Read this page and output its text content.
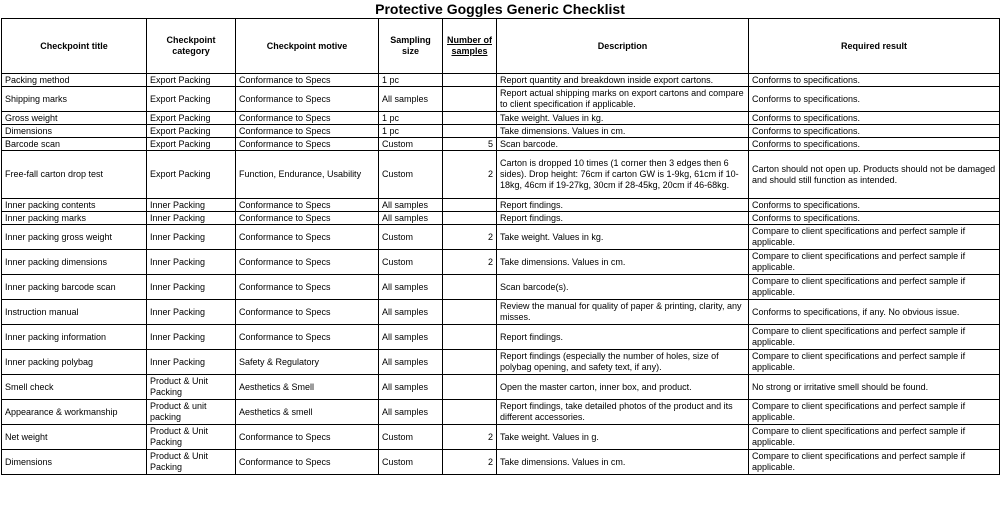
Protective Goggles Generic Checklist
Checkpoint title	Checkpoint category	Checkpoint motive	Sampling size	Number of samples	Description	Required result
Packing method	Export Packing	Conformance to Specs	1 pc		Report quantity and breakdown inside export cartons.	Conforms to specifications.
Shipping marks	Export Packing	Conformance to Specs	All samples		Report actual shipping marks on export cartons and compare to client specification if applicable.	Conforms to specifications.
Gross weight	Export Packing	Conformance to Specs	1 pc		Take weight. Values in kg.	Conforms to specifications.
Dimensions	Export Packing	Conformance to Specs	1 pc		Take dimensions. Values in cm.	Conforms to specifications.
Barcode scan	Export Packing	Conformance to Specs	Custom	5	Scan barcode.	Conforms to specifications.
Free-fall carton drop test	Export Packing	Function, Endurance, Usability	Custom	2	Carton is dropped 10 times (1 corner then 3 edges then 6 sides). Drop height: 76cm if carton GW is 1-9kg, 61cm if 10-18kg, 46cm if 19-27kg, 30cm if 28-45kg, 20cm if 46-68kg.	Carton should not open up. Products should not be damaged and should still function as intended.
Inner packing contents	Inner Packing	Conformance to Specs	All samples		Report findings.	Conforms to specifications.
Inner packing marks	Inner Packing	Conformance to Specs	All samples		Report findings.	Conforms to specifications.
Inner packing gross weight	Inner Packing	Conformance to Specs	Custom	2	Take weight. Values in kg.	Compare to client specifications and perfect sample if applicable.
Inner packing dimensions	Inner Packing	Conformance to Specs	Custom	2	Take dimensions. Values in cm.	Compare to client specifications and perfect sample if applicable.
Inner packing barcode scan	Inner Packing	Conformance to Specs	All samples		Scan barcode(s).	Compare to client specifications and perfect sample if applicable.
Instruction manual	Inner Packing	Conformance to Specs	All samples		Review the manual for quality of paper & printing, clarity, any misses.	Conforms to specifications, if any. No obvious issue.
Inner packing information	Inner Packing	Conformance to Specs	All samples		Report findings.	Compare to client specifications and perfect sample if applicable.
Inner packing polybag	Inner Packing	Safety & Regulatory	All samples		Report findings (especially the number of holes, size of polybag opening, and safety text, if any).	Compare to client specifications and perfect sample if applicable.
Smell check	Product & Unit Packing	Aesthetics & Smell	All samples		Open the master carton, inner box, and product.	No strong or irritative smell should be found.
Appearance & workmanship	Product & unit packing	Aesthetics & smell	All samples		Report findings, take detailed photos of the product and its different accessories.	Compare to client specifications and perfect sample if applicable.
Net weight	Product & Unit Packing	Conformance to Specs	Custom	2	Take weight. Values in g.	Compare to client specifications and perfect sample if applicable.
Dimensions	Product & Unit Packing	Conformance to Specs	Custom	2	Take dimensions. Values in cm.	Compare to client specifications and perfect sample if applicable.
